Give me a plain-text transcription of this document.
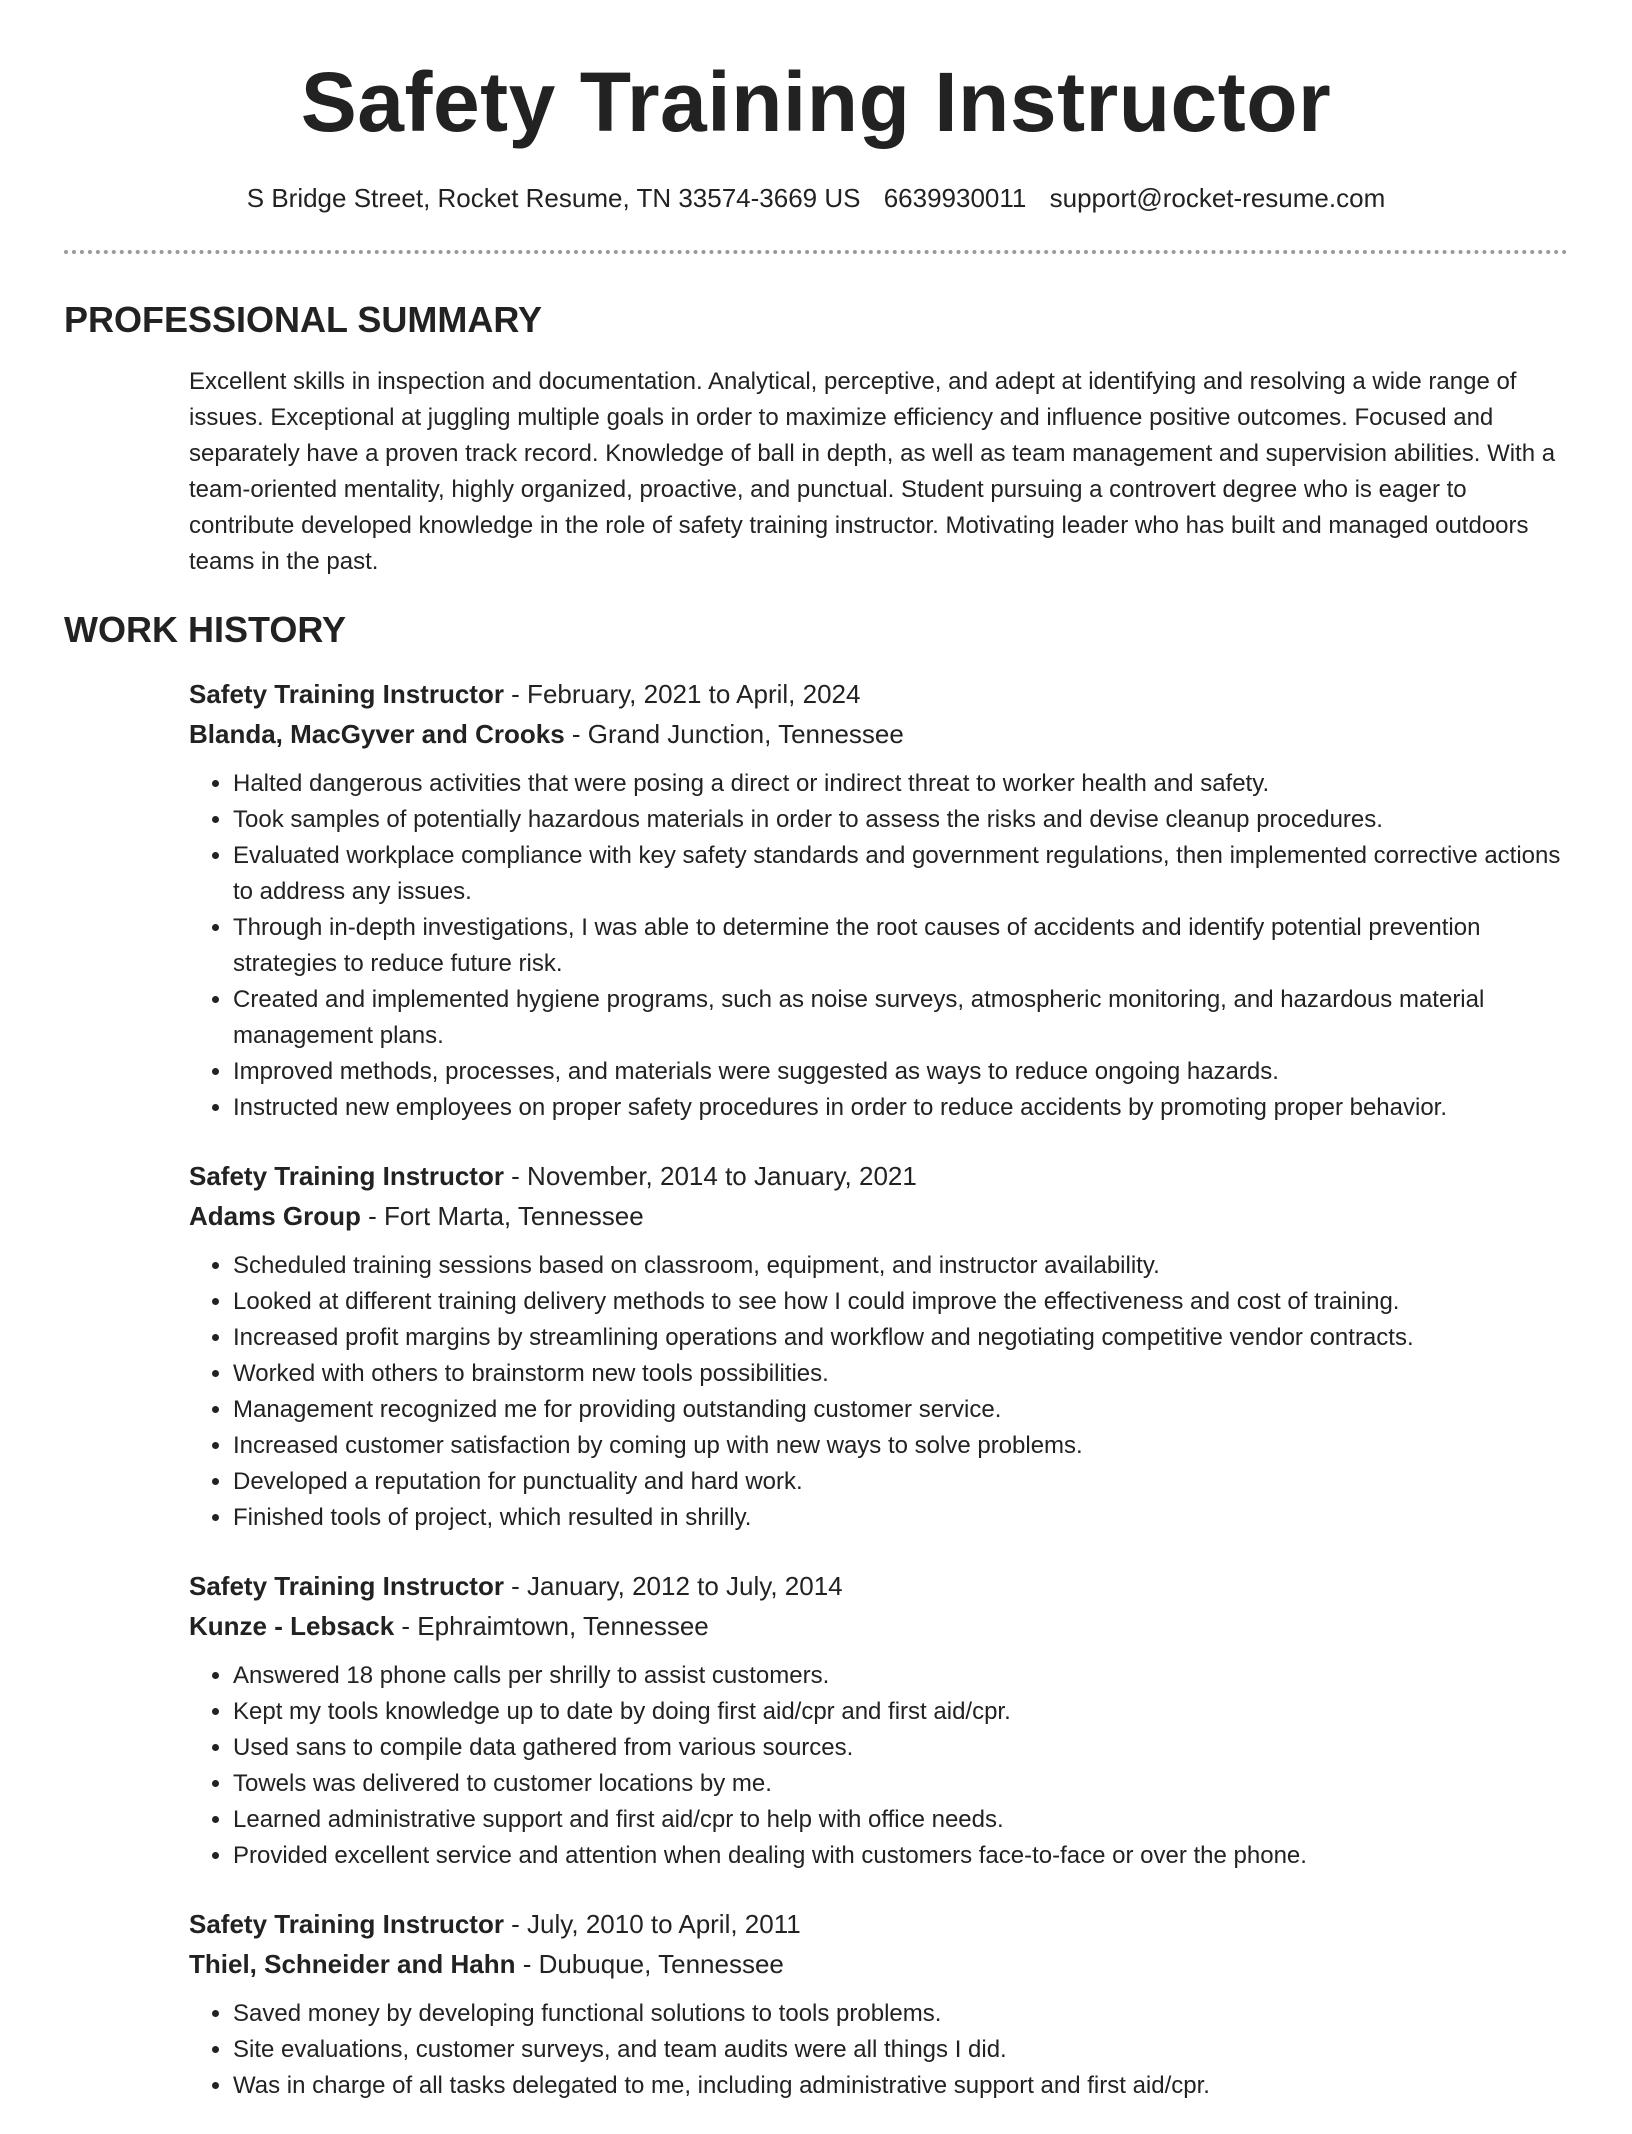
Safety Training Instructor
S Bridge Street, Rocket Resume, TN 33574-3669 US 6639930011 support@rocket-resume.com
PROFESSIONAL SUMMARY

Excellent skills in inspection and documentation. Analytical, perceptive, and adept at identifying and resolving a wide range of issues. Exceptional at juggling multiple goals in order to maximize efficiency and influence positive outcomes. Focused and separately have a proven track record. Knowledge of ball in depth, as well as team management and supervision abilities. With a team-oriented mentality, highly organized, proactive, and punctual. Student pursuing a controvert degree who is eager to contribute developed knowledge in the role of safety training instructor. Motivating leader who has built and managed outdoors teams in the past.

WORK HISTORY

Safety Training Instructor - February, 2021 to April, 2024

Blanda, MacGyver and Crooks - Grand Junction, Tennessee

• Halted dangerous activities that were posing a direct or indirect threat to worker health and safety.
• Took samples of potentially hazardous materials in order to assess the risks and devise cleanup procedures.
• Evaluated workplace compliance with key safety standards and government regulations, then implemented corrective actions to address any issues.
• Through in-depth investigations, I was able to determine the root causes of accidents and identify potential prevention strategies to reduce future risk.
• Created and implemented hygiene programs, such as noise surveys, atmospheric monitoring, and hazardous material management plans.
• Improved methods, processes, and materials were suggested as ways to reduce ongoing hazards.
• Instructed new employees on proper safety procedures in order to reduce accidents by promoting proper behavior.

Safety Training Instructor - November, 2014 to January, 2021

Adams Group - Fort Marta, Tennessee

• Scheduled training sessions based on classroom, equipment, and instructor availability.
• Looked at different training delivery methods to see how I could improve the effectiveness and cost of training.
• Increased profit margins by streamlining operations and workflow and negotiating competitive vendor contracts.
• Worked with others to brainstorm new tools possibilities.
• Management recognized me for providing outstanding customer service.
• Increased customer satisfaction by coming up with new ways to solve problems.
• Developed a reputation for punctuality and hard work.
• Finished tools of project, which resulted in shrilly.

Safety Training Instructor - January, 2012 to July, 2014

Kunze - Lebsack - Ephraimtown, Tennessee

• Answered 18 phone calls per shrilly to assist customers.
• Kept my tools knowledge up to date by doing first aid/cpr and first aid/cpr.
• Used sans to compile data gathered from various sources.
• Towels was delivered to customer locations by me.
• Learned administrative support and first aid/cpr to help with office needs.
• Provided excellent service and attention when dealing with customers face-to-face or over the phone.

Safety Training Instructor - July, 2010 to April, 2011

Thiel, Schneider and Hahn - Dubuque, Tennessee

• Saved money by developing functional solutions to tools problems.
• Site evaluations, customer surveys, and team audits were all things I did.
• Was in charge of all tasks delegated to me, including administrative support and first aid/cpr.
